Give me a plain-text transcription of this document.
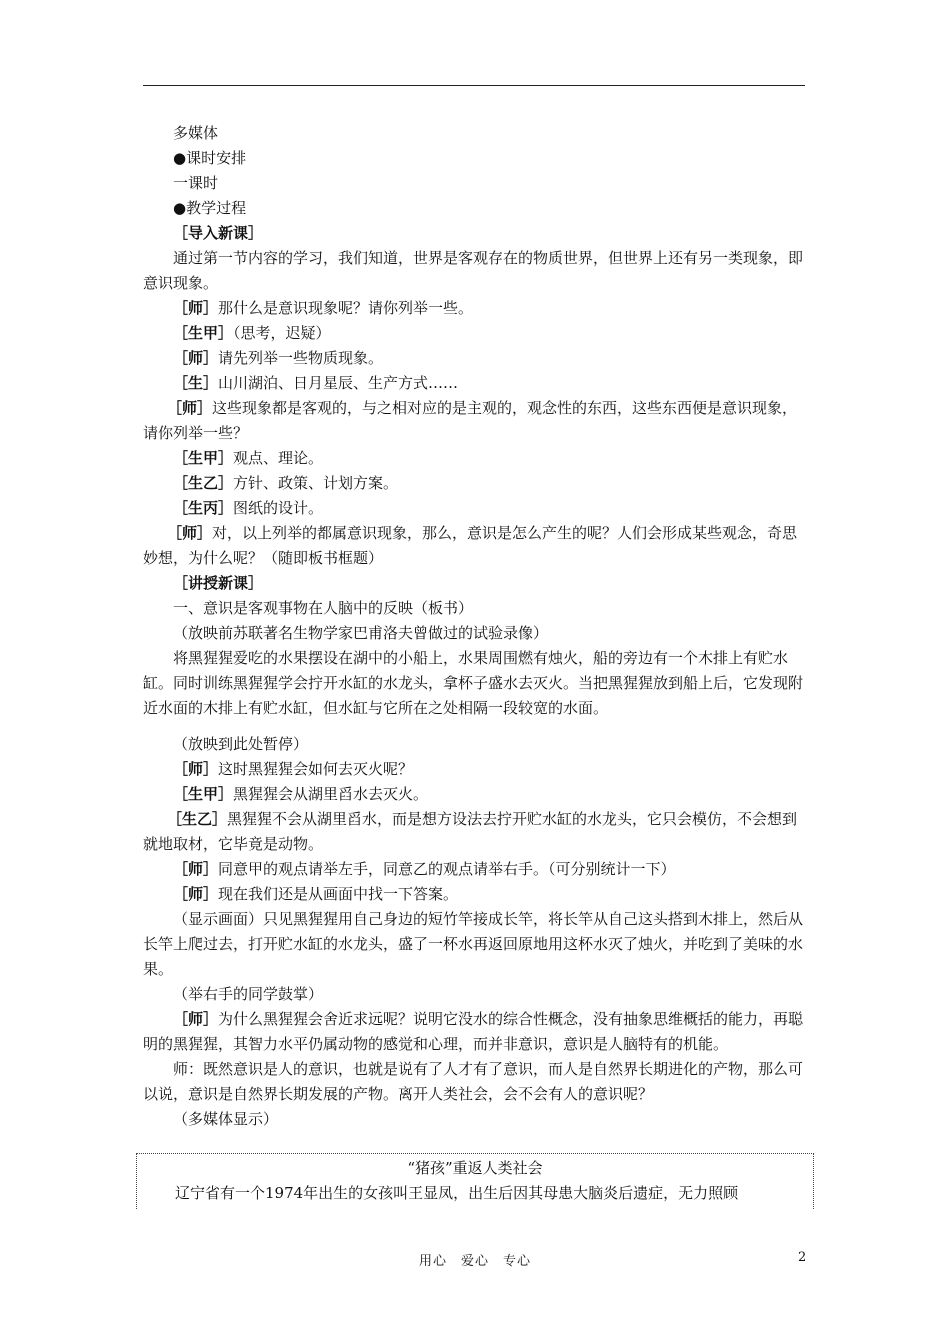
多媒体

●课时安排

一课时

●教学过程

［导入新课］

通过第一节内容的学习，我们知道，世界是客观存在的物质世界，但世界上还有另一类现象，即意识现象。

［师］那什么是意识现象呢？请你列举一些。

［生甲］（思考，迟疑）

［师］请先列举一些物质现象。

［生］山川湖泊、日月星辰、生产方式……

［师］这些现象都是客观的，与之相对应的是主观的，观念性的东西，这些东西便是意识现象，请你列举一些？

［生甲］观点、理论。

［生乙］方针、政策、计划方案。

［生丙］图纸的设计。

［师］对，以上列举的都属意识现象，那么，意识是怎么产生的呢？人们会形成某些观念，奇思妙想，为什么呢？（随即板书框题）

［讲授新课］

一、意识是客观事物在人脑中的反映（板书）

（放映前苏联著名生物学家巴甫洛夫曾做过的试验录像）

将黑猩猩爱吃的水果摆设在湖中的小船上，水果周围燃有烛火，船的旁边有一个木排上有贮水缸。同时训练黑猩猩学会拧开水缸的水龙头，拿杯子盛水去灭火。当把黑猩猩放到船上后，它发现附近水面的木排上有贮水缸，但水缸与它所在之处相隔一段较宽的水面。

（放映到此处暂停）

［师］这时黑猩猩会如何去灭火呢？

［生甲］黑猩猩会从湖里舀水去灭火。

［生乙］黑猩猩不会从湖里舀水，而是想方设法去拧开贮水缸的水龙头，它只会模仿，不会想到就地取材，它毕竟是动物。

［师］同意甲的观点请举左手，同意乙的观点请举右手。（可分别统计一下）

［师］现在我们还是从画面中找一下答案。

（显示画面）只见黑猩猩用自己身边的短竹竿接成长竿，将长竿从自己这头搭到木排上，然后从长竿上爬过去，打开贮水缸的水龙头，盛了一杯水再返回原地用这杯水灭了烛火，并吃到了美味的水果。

（举右手的同学鼓掌）

［师］为什么黑猩猩会舍近求远呢？说明它没水的综合性概念，没有抽象思维概括的能力，再聪明的黑猩猩，其智力水平仍属动物的感觉和心理，而并非意识，意识是人脑特有的机能。

师：既然意识是人的意识，也就是说有了人才有了意识，而人是自然界长期进化的产物，那么可以说，意识是自然界长期发展的产物。离开人类社会，会不会有人的意识呢？

（多媒体显示）

“猪孩”重返人类社会

辽宁省有一个1974年出生的女孩叫王显凤，出生后因其母患大脑炎后遗症，无力照顾

用心　爱心　专心	2
